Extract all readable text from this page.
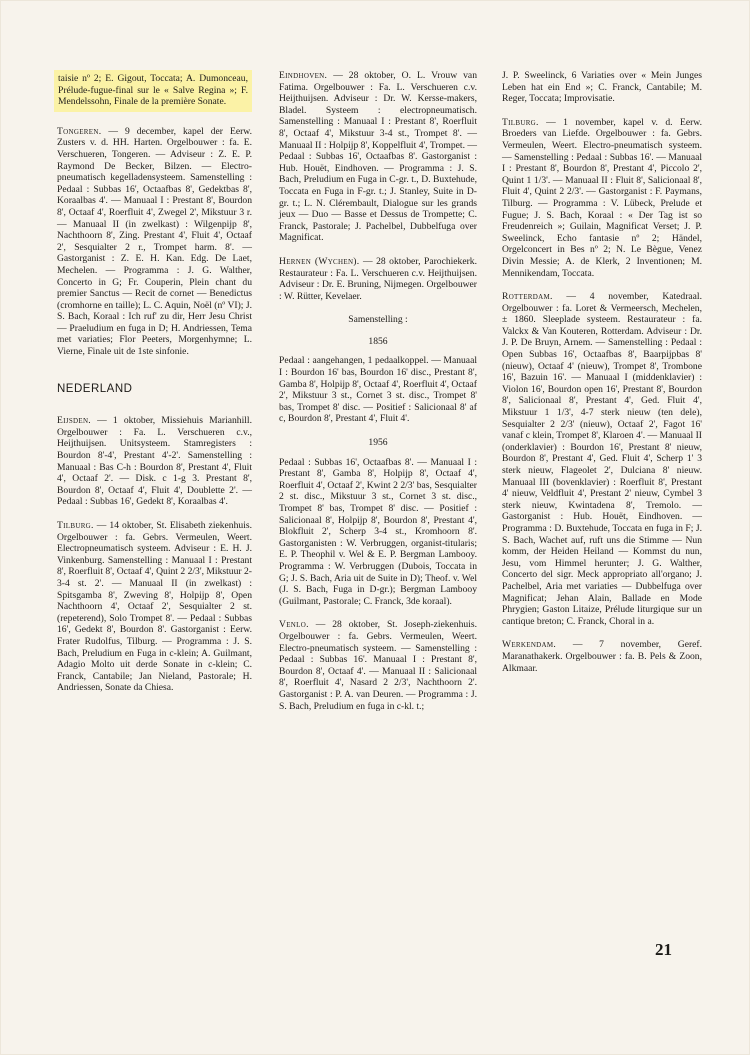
taisie nº 2; E. Gigout, Toccata; A. Dumonceau, Prélude-fugue-final sur le « Salve Regina »; F. Mendelssohn, Finale de la première Sonate.

Tongeren. — 9 december, kapel der Eerw. Zusters v. d. HH. Harten. Orgelbouwer : fa. E. Verschueren, Tongeren. — Adviseur : Z. E. P. Raymond De Becker, Bilzen. — Electro-pneumatisch kegelladensysteem. Samenstelling : Pedaal : Subbas 16', Octaafbas 8', Gedektbas 8', Koraalbas 4'. — Manuaal I : Prestant 8', Bourdon 8', Octaaf 4', Roerfluit 4', Zwegel 2', Mikstuur 3 r. — Manuaal II (in zwelkast) : Wilgenpijp 8', Nachthoorn 8', Zing. Prestant 4', Fluit 4', Octaaf 2', Sesquialter 2 r., Trompet harm. 8'. — Gastorganist : Z. E. H. Kan. Edg. De Laet, Mechelen. — Programma : J. G. Walther, Concerto in G; Fr. Couperin, Plein chant du premier Sanctus — Recit de cornet — Benedictus (cromhorne en taille); L. C. Aquin, Noël (nº VI); J. S. Bach, Koraal : Ich ruf' zu dir, Herr Jesu Christ — Praeludium en fuga in D; H. Andriessen, Tema met variaties; Flor Peeters, Morgenhymne; L. Vierne, Finale uit de 1ste sinfonie.

NEDERLAND

Eijsden. — 1 oktober, Missiehuis Marianhill. Orgelbouwer : Fa. L. Verschueren c.v., Heijthuijsen. Unitsysteem. Stamregisters : Bourdon 8'-4', Prestant 4'-2'. Samenstelling : Manuaal : Bas C-h : Bourdon 8', Prestant 4', Fluit 4', Octaaf 2'. — Disk. c 1-g 3. Prestant 8', Bourdon 8', Octaaf 4', Fluit 4', Doublette 2'. — Pedaal : Subbas 16', Gedekt 8', Koraalbas 4'.

Tilburg. — 14 oktober, St. Elisabeth ziekenhuis. Orgelbouwer : fa. Gebrs. Vermeulen, Weert. Electropneumatisch systeem. Adviseur : E. H. J. Vinkenburg. Samenstelling : Manuaal I : Prestant 8', Roerfluit 8', Octaaf 4', Quint 2 2/3', Mikstuur 2-3-4 st. 2'. — Manuaal II (in zwelkast) : Spitsgamba 8', Zweving 8', Holpijp 8', Open Nachthoorn 4', Octaaf 2', Sesquialter 2 st. (repeterend), Solo Trompet 8'. — Pedaal : Subbas 16', Gedekt 8', Bourdon 8'. Gastorganist : Eerw. Frater Rudolfus, Tilburg. — Programma : J. S. Bach, Preludium en Fuga in c-klein; A. Guilmant, Adagio Molto uit derde Sonate in c-klein; C. Franck, Cantabile; Jan Nieland, Pastorale; H. Andriessen, Sonate da Chiesa.

Eindhoven. — 28 oktober, O. L. Vrouw van Fatima. Orgelbouwer : Fa. L. Verschueren c.v. Heijthuijsen. Adviseur : Dr. W. Kersse-makers, Bladel. Systeem : electropneumatisch. Samenstelling : Manuaal I : Prestant 8', Roerfluit 8', Octaaf 4', Mikstuur 3-4 st., Trompet 8'. — Manuaal II : Holpijp 8', Koppelfluit 4', Trompet. — Pedaal : Subbas 16', Octaafbas 8'. Gastorganist : Hub. Houët, Eindhoven. — Programma : J. S. Bach, Preludium en Fuga in C-gr. t., D. Buxtehude, Toccata en Fuga in F-gr. t.; J. Stanley, Suite in D-gr. t.; L. N. Clérembault, Dialogue sur les grands jeux — Duo — Basse et Dessus de Trompette; C. Franck, Pastorale; J. Pachelbel, Dubbelfuga over Magnificat.

Hernen (Wychen). — 28 oktober, Parochiekerk. Restaurateur : Fa. L. Verschueren c.v. Heijthuijsen. Adviseur : Dr. E. Bruning, Nijmegen. Orgelbouwer : W. Rütter, Kevelaer.

Samenstelling :
1856

Pedaal : aangehangen, 1 pedaalkoppel. — Manuaal I : Bourdon 16' bas, Bourdon 16' disc., Prestant 8', Gamba 8', Holpijp 8', Octaaf 4', Roerfluit 4', Octaaf 2', Mikstuur 3 st., Cornet 3 st. disc., Trompet 8' bas, Trompet 8' disc. — Positief : Salicionaal 8' af c, Bourdon 8', Prestant 4', Fluit 4'.

1956

Pedaal : Subbas 16', Octaafbas 8'. — Manuaal I : Prestant 8', Gamba 8', Holpijp 8', Octaaf 4', Roerfluit 4', Octaaf 2', Kwint 2 2/3' bas, Sesquialter 2 st. disc., Mikstuur 3 st., Cornet 3 st. disc., Trompet 8' bas, Trompet 8' disc. — Positief : Salicionaal 8', Holpijp 8', Bourdon 8', Prestant 4', Blokfluit 2', Scherp 3-4 st., Kromhoorn 8'. Gastorganisten : W. Verbruggen, organist-titularis; E. P. Theophil v. Wel & E. P. Bergman Lambooy. Programma : W. Verbruggen (Dubois, Toccata in G; J. S. Bach, Aria uit de Suite in D); Theof. v. Wel (J. S. Bach, Fuga in D-gr.); Bergman Lambooy (Guilmant, Pastorale; C. Franck, 3de koraal).

Venlo. — 28 oktober, St. Joseph-ziekenhuis. Orgelbouwer : fa. Gebrs. Vermeulen, Weert. Electro-pneumatisch systeem. — Samenstelling : Pedaal : Subbas 16'. Manuaal I : Prestant 8', Bourdon 8', Octaaf 4'. — Manuaal II : Salicionaal 8', Roerfluit 4', Nasard 2 2/3', Nachthoorn 2'. Gastorganist : P. A. van Deuren. — Programma : J. S. Bach, Preludium en fuga in c-kl. t.;

J. P. Sweelinck, 6 Variaties over « Mein Junges Leben hat ein End »; C. Franck, Cantabile; M. Reger, Toccata; Improvisatie.

Tilburg. — 1 november, kapel v. d. Eerw. Broeders van Liefde. Orgelbouwer : fa. Gebrs. Vermeulen, Weert. Electro-pneumatisch systeem. — Samenstelling : Pedaal : Subbas 16'. — Manuaal I : Prestant 8', Bourdon 8', Prestant 4', Piccolo 2', Quint 1 1/3'. — Manuaal II : Fluit 8', Salicionaal 8', Fluit 4', Quint 2 2/3'. — Gastorganist : F. Paymans, Tilburg. — Programma : V. Lübeck, Prelude et Fugue; J. S. Bach, Koraal : « Der Tag ist so Freudenreich »; Guilain, Magnificat Verset; J. P. Sweelinck, Echo fantasie nº 2; Händel, Orgelconcert in Bes nº 2; N. Le Bègue, Venez Divin Messie; A. de Klerk, 2 Inventionen; M. Mennikendam, Toccata.

Rotterdam. — 4 november, Katedraal. Orgelbouwer : fa. Loret & Vermeersch, Mechelen, ± 1860. Sleeplade systeem. Restaurateur : fa. Valckx & Van Kouteren, Rotterdam. Adviseur : Dr. J. P. De Bruyn, Arnem. — Samenstelling : Pedaal : Open Subbas 16', Octaafbas 8', Baarpijpbas 8' (nieuw), Octaaf 4' (nieuw), Trompet 8', Trombone 16', Bazuin 16'. — Manuaal I (middenklavier) : Violon 16', Bourdon open 16', Prestant 8', Bourdon 8', Salicionaal 8', Prestant 4', Ged. Fluit 4', Mikstuur 1 1/3', 4-7 sterk nieuw (ten dele), Sesquialter 2 2/3' (nieuw), Octaaf 2', Fagot 16' vanaf c klein, Trompet 8', Klaroen 4'. — Manuaal II (onderklavier) : Bourdon 16', Prestant 8' nieuw, Bourdon 8', Prestant 4', Ged. Fluit 4', Scherp 1' 3 sterk nieuw, Flageolet 2', Dulciana 8' nieuw. Manuaal III (bovenklavier) : Roerfluit 8', Prestant 4' nieuw, Veldfluit 4', Prestant 2' nieuw, Cymbel 3 sterk nieuw, Kwintadena 8', Tremolo. — Gastorganist : Hub. Houët, Eindhoven. — Programma : D. Buxtehude, Toccata en fuga in F; J. S. Bach, Wachet auf, ruft uns die Stimme — Nun komm, der Heiden Heiland — Kommst du nun, Jesu, vom Himmel herunter; J. G. Walther, Concerto del sigr. Meck appropriato all'organo; J. Pachelbel, Aria met variaties — Dubbelfuga over Magnificat; Jehan Alain, Ballade en Mode Phrygien; Gaston Litaize, Prélude liturgique sur un cantique breton; C. Franck, Choral in a.

Werkendam. — 7 november, Geref. Maranathakerk. Orgelbouwer : fa. B. Pels & Zoon, Alkmaar.

21
